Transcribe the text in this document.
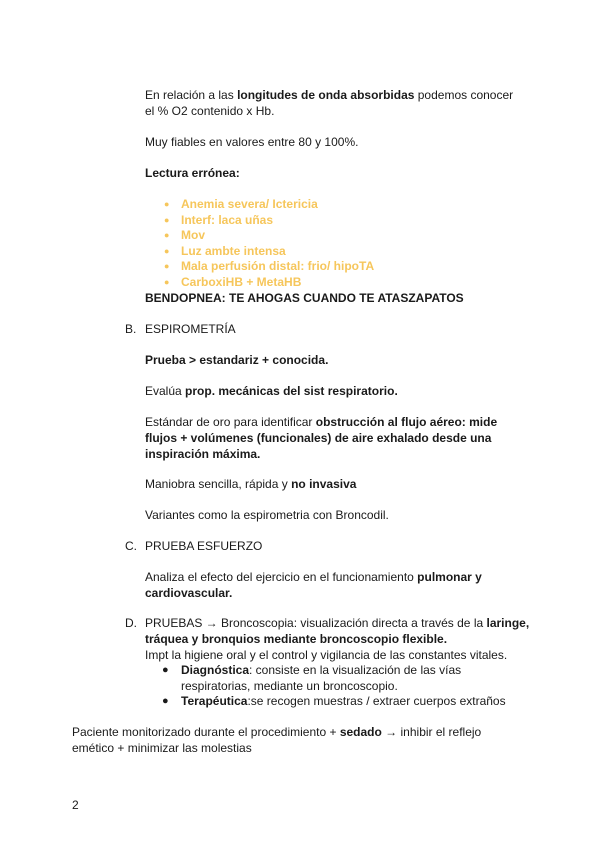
En relación a las longitudes de onda absorbidas podemos conocer
el % O2 contenido x Hb.
Muy fiables en valores entre 80 y 100%.
Lectura errónea:
● Anemia severa/ Ictericia
● Interf: laca uñas
● Mov
● Luz ambte intensa
● Mala perfusión distal: frio/ hipoTA
● CarboxiHB + MetaHB
BENDOPNEA: TE AHOGAS CUANDO TE ATASZAPATOS
B. ESPIROMETRÍA
Prueba > estandariz + conocida.
Evalúa prop. mecánicas del sist respiratorio.
Estándar de oro para identificar obstrucción al flujo aéreo: mide
flujos + volúmenes (funcionales) de aire exhalado desde una
inspiración máxima.
Maniobra sencilla, rápida y no invasiva
Variantes como la espirometria con Broncodil.
C. PRUEBA ESFUERZO
Analiza el efecto del ejercicio en el funcionamiento pulmonar y
cardiovascular.
D. PRUEBAS → Broncoscopia: visualización directa a través de la laringe,
tráquea y bronquios mediante broncoscopio flexible.
Impt la higiene oral y el control y vigilancia de las constantes vitales.
● Diagnóstica: consiste en la visualización de las vías
respiratorias, mediante un broncoscopio.
● Terapéutica:se recogen muestras / extraer cuerpos extraños
Paciente monitorizado durante el procedimiento + sedado → inhibir el reflejo
emético + minimizar las molestias
2
